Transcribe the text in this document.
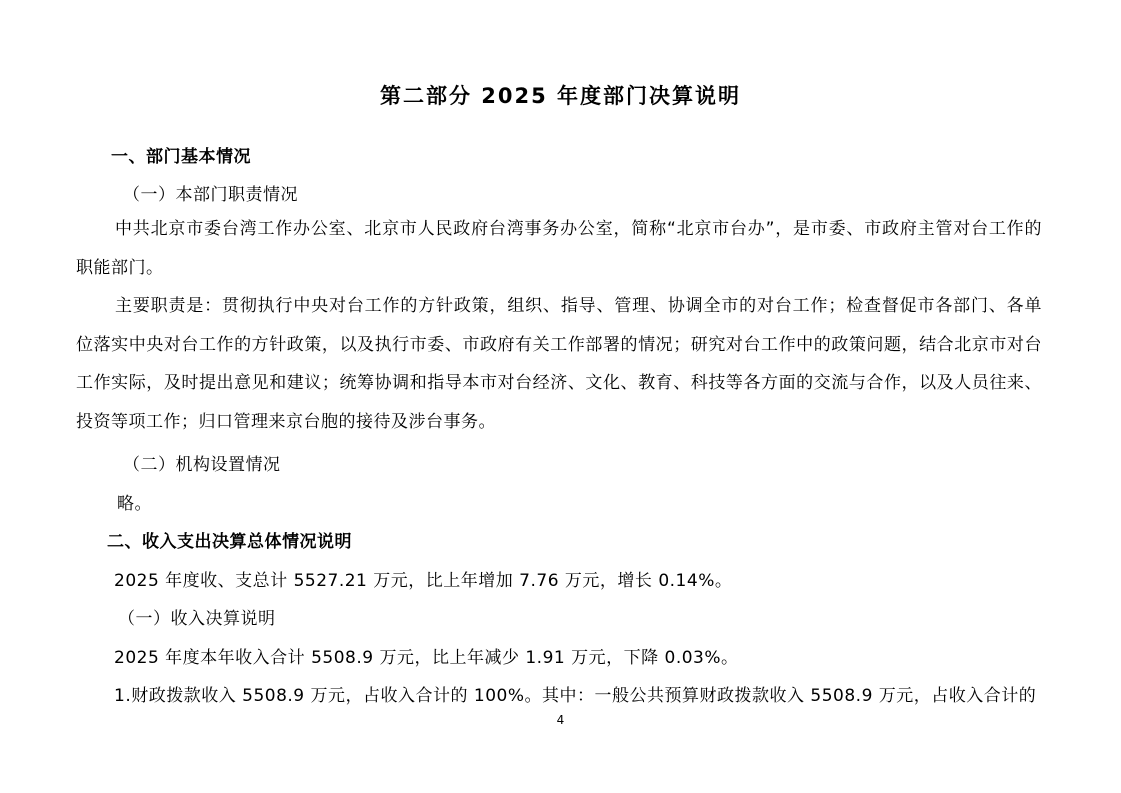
第二部分 2025 年度部门决算说明
一、部门基本情况
（一）本部门职责情况
中共北京市委台湾工作办公室、北京市人民政府台湾事务办公室，简称“北京市台办”，是市委、市政府主管对台工作的职能部门。
主要职责是：贯彻执行中央对台工作的方针政策，组织、指导、管理、协调全市的对台工作；检查督促市各部门、各单位落实中央对台工作的方针政策，以及执行市委、市政府有关工作部署的情况；研究对台工作中的政策问题，结合北京市对台工作实际，及时提出意见和建议；统筹协调和指导本市对台经济、文化、教育、科技等各方面的交流与合作，以及人员往来、投资等项工作；归口管理来京台胞的接待及涉台事务。
（二）机构设置情况
略。
二、收入支出决算总体情况说明
2025 年度收、支总计 5527.21 万元，比上年增加 7.76 万元，增长 0.14%。
（一）收入决算说明
2025 年度本年收入合计 5508.9 万元，比上年减少 1.91 万元，下降 0.03%。
1.财政拨款收入 5508.9 万元，占收入合计的 100%。其中：一般公共预算财政拨款收入 5508.9 万元，占收入合计的
4
